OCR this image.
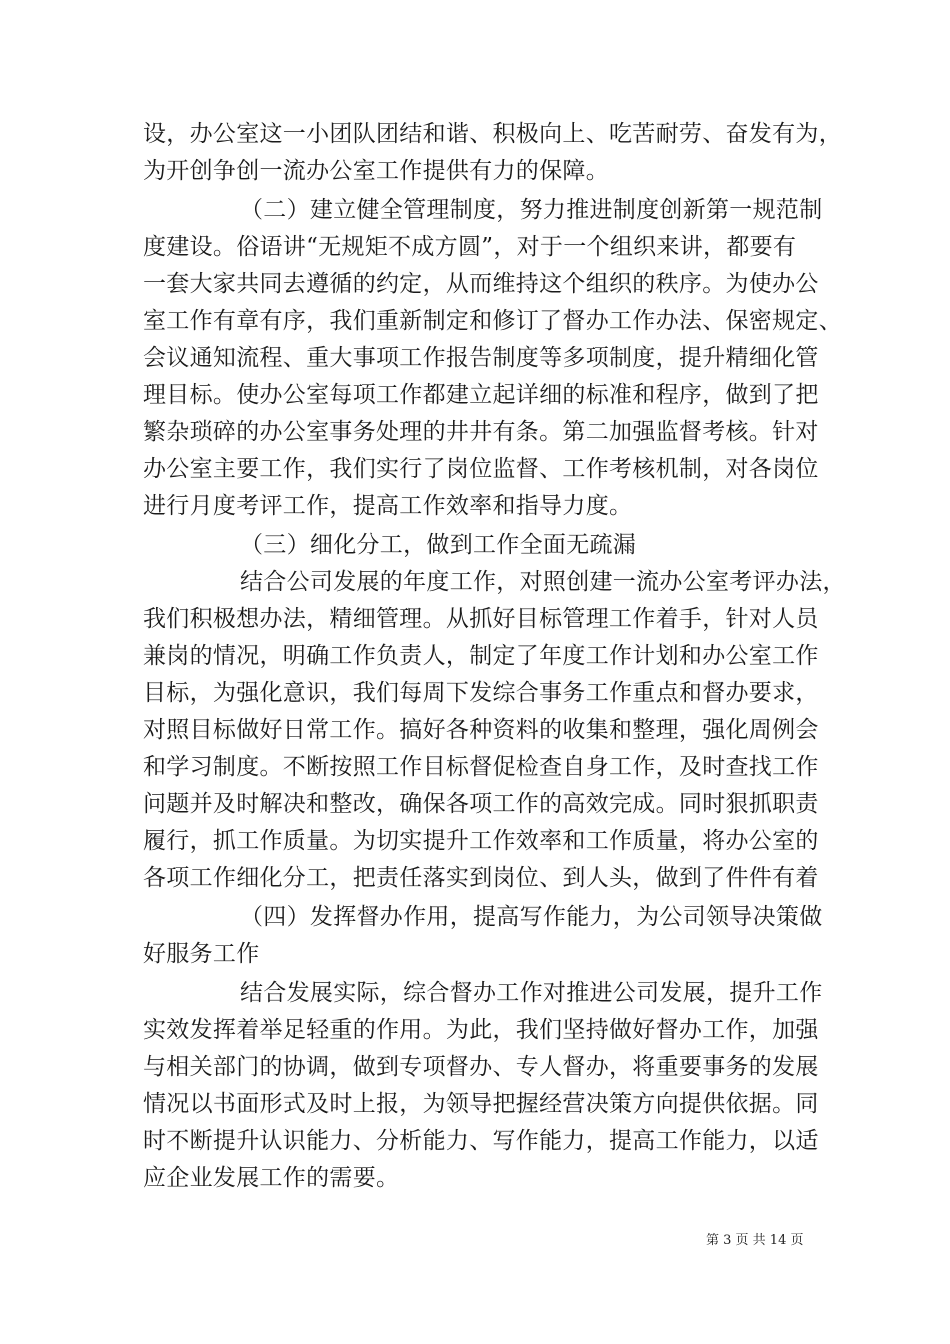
设，办公室这一小团队团结和谐、积极向上、吃苦耐劳、奋发有为，
为开创争创一流办公室工作提供有力的保障。
（二）建立健全管理制度，努力推进制度创新第一规范制
度建设。俗语讲“无规矩不成方圆”，对于一个组织来讲，都要有
一套大家共同去遵循的约定，从而维持这个组织的秩序。为使办公
室工作有章有序，我们重新制定和修订了督办工作办法、保密规定、
会议通知流程、重大事项工作报告制度等多项制度，提升精细化管
理目标。使办公室每项工作都建立起详细的标准和程序，做到了把
繁杂琐碎的办公室事务处理的井井有条。第二加强监督考核。针对
办公室主要工作，我们实行了岗位监督、工作考核机制，对各岗位
进行月度考评工作，提高工作效率和指导力度。
（三）细化分工，做到工作全面无疏漏
结合公司发展的年度工作，对照创建一流办公室考评办法，
我们积极想办法，精细管理。从抓好目标管理工作着手，针对人员
兼岗的情况，明确工作负责人，制定了年度工作计划和办公室工作
目标，为强化意识，我们每周下发综合事务工作重点和督办要求，
对照目标做好日常工作。搞好各种资料的收集和整理，强化周例会
和学习制度。不断按照工作目标督促检查自身工作，及时查找工作
问题并及时解决和整改，确保各项工作的高效完成。同时狠抓职责
履行，抓工作质量。为切实提升工作效率和工作质量，将办公室的
各项工作细化分工，把责任落实到岗位、到人头，做到了件件有着
（四）发挥督办作用，提高写作能力，为公司领导决策做
好服务工作
结合发展实际，综合督办工作对推进公司发展，提升工作
实效发挥着举足轻重的作用。为此，我们坚持做好督办工作，加强
与相关部门的协调，做到专项督办、专人督办，将重要事务的发展
情况以书面形式及时上报，为领导把握经营决策方向提供依据。同
时不断提升认识能力、分析能力、写作能力，提高工作能力，以适
应企业发展工作的需要。
第 3 页 共 14 页
